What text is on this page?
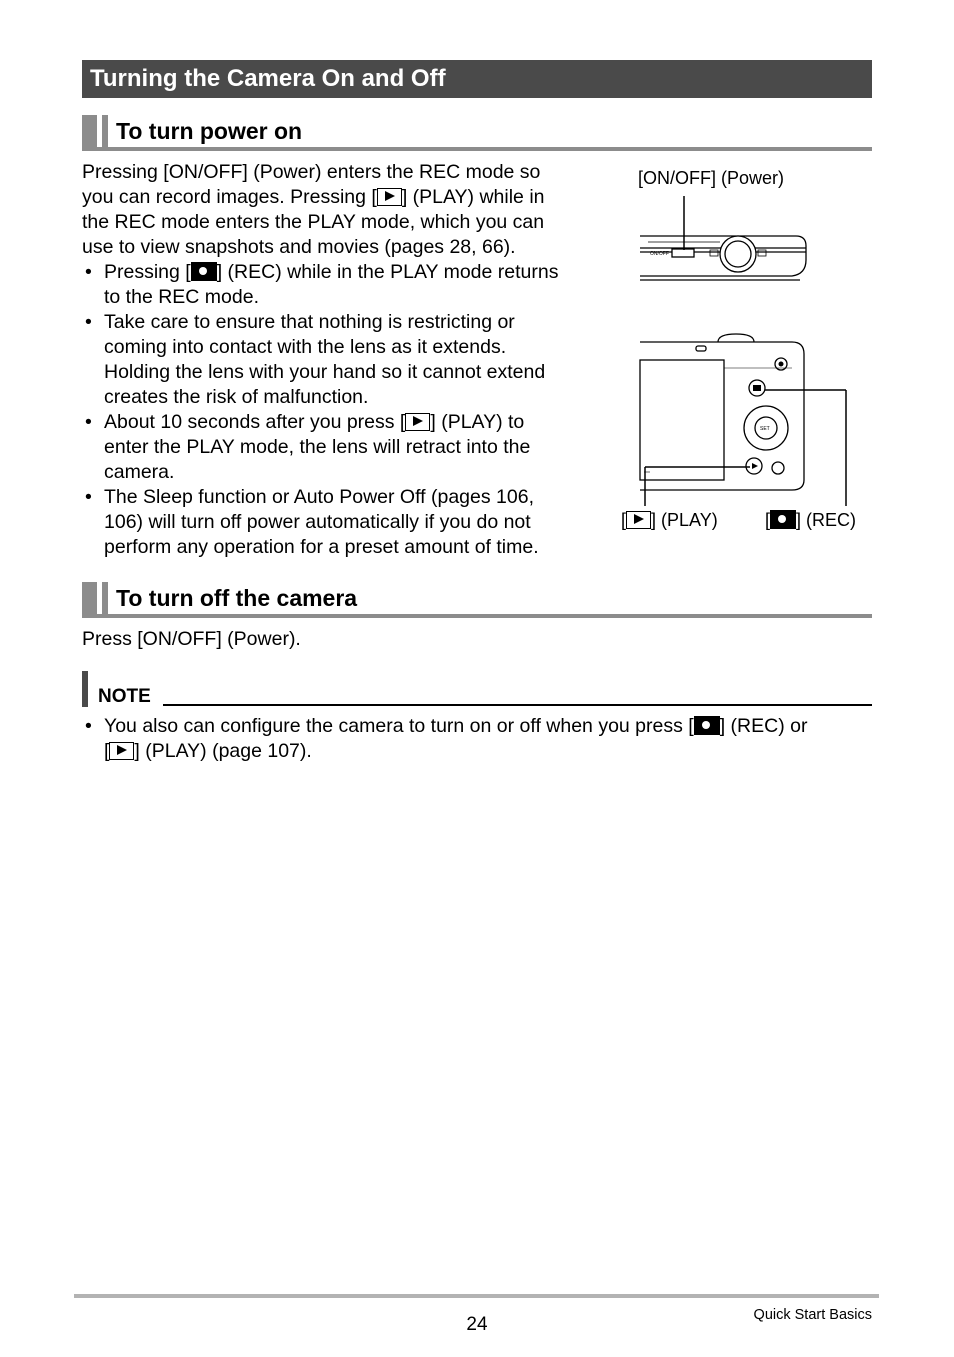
Turning the Camera On and Off
To turn power on
Pressing [ON/OFF] (Power) enters the REC mode so
you can record images. Pressing [ ] (PLAY) while in
the REC mode enters the PLAY mode, which you can
use to view snapshots and movies (pages 28, 66).
• Pressing [ ] (REC) while in the PLAY mode returns
to the REC mode.
• Take care to ensure that nothing is restricting or
coming into contact with the lens as it extends.
Holding the lens with your hand so it cannot extend
creates the risk of malfunction.
• About 10 seconds after you press [ ] (PLAY) to
enter the PLAY mode, the lens will retract into the
camera.
• The Sleep function or Auto Power Off (pages 106,
106) will turn off power automatically if you do not
perform any operation for a preset amount of time.
[ON/OFF] (Power)
[ ] (PLAY)	[ ] (REC)
ON/OFF
SET
To turn off the camera
Press [ON/OFF] (Power).
NOTE
• You also can configure the camera to turn on or off when you press [ ] (REC) or
[ ] (PLAY) (page 107).
24	Quick Start Basics
